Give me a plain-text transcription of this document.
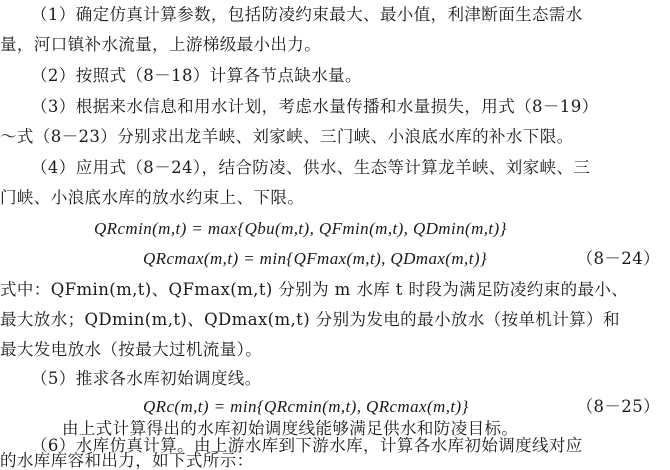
（1）确定仿真计算参数，包括防凌约束最大、最小值，利津断面生态需水
量，河口镇补水流量，上游梯级最小出力。
（2）按照式（8－18）计算各节点缺水量。
（3）根据来水信息和用水计划，考虑水量传播和水量损失，用式（8－19）
～式（8－23）分别求出龙羊峡、刘家峡、三门峡、小浪底水库的补水下限。
（4）应用式（8－24），结合防凌、供水、生态等计算龙羊峡、刘家峡、三
门峡、小浪底水库的放水约束上、下限。
QRcmin(m,t) = max{Qbu(m,t), QFmin(m,t), QDmin(m,t)}
QRcmax(m,t) = min{QFmax(m,t), QDmax(m,t)}	（8－24）
式中：QFmin(m,t)、QFmax(m,t) 分别为 m 水库 t 时段为满足防凌约束的最小、
最大放水；QDmin(m,t)、QDmax(m,t) 分别为发电的最小放水（按单机计算）和
最大发电放水（按最大过机流量）。
（5）推求各水库初始调度线。
QRc(m,t) = min{QRcmin(m,t), QRcmax(m,t)}	（8－25）
由上式计算得出的水库初始调度线能够满足供水和防凌目标。
（6）水库仿真计算。由上游水库到下游水库，计算各水库初始调度线对应
的水库库容和出力，如下式所示：
